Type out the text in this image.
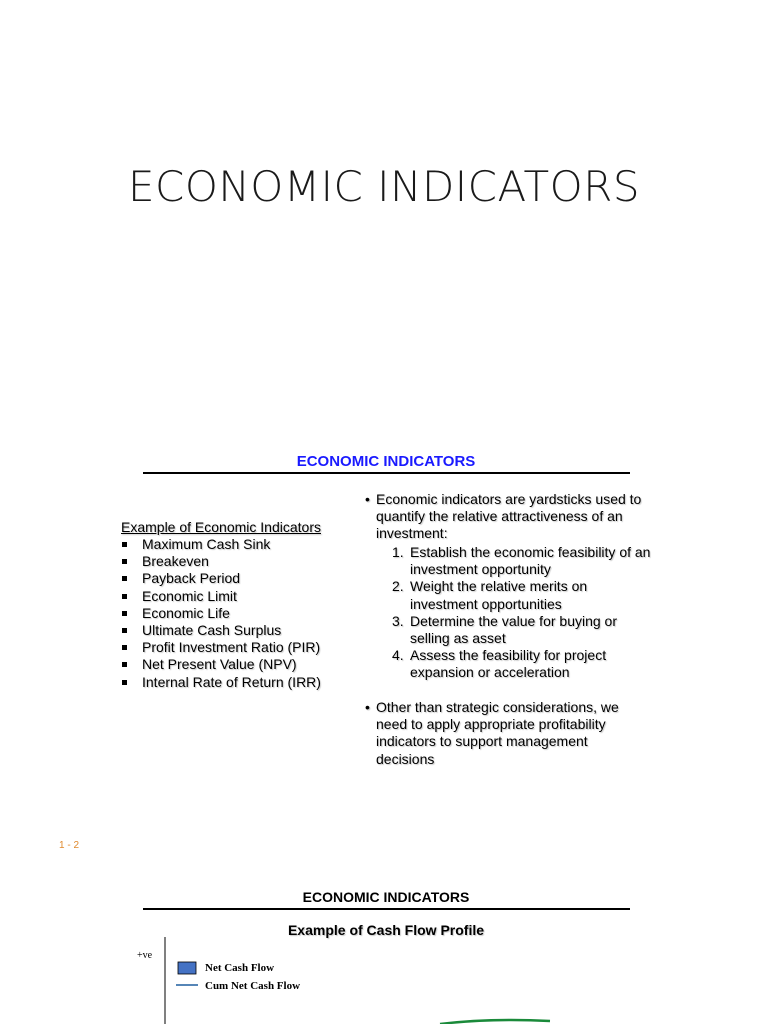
ECONOMIC INDICATORS
ECONOMIC INDICATORS
Example of Economic Indicators
Maximum Cash Sink
Breakeven
Payback Period
Economic Limit
Economic Life
Ultimate Cash Surplus
Profit Investment Ratio (PIR)
Net Present Value (NPV)
Internal Rate of Return (IRR)
• Economic indicators are yardsticks used to quantify the relative attractiveness of an investment:
1. Establish the economic feasibility of an investment opportunity
2. Weight the relative merits on investment opportunities
3. Determine the value for buying or selling as asset
4. Assess the feasibility for project expansion or acceleration
• Other than strategic considerations, we need to apply appropriate profitability indicators to support management decisions
1 - 2
ECONOMIC INDICATORS
Example of Cash Flow Profile
+ve
Net Cash Flow
Cum Net Cash Flow
